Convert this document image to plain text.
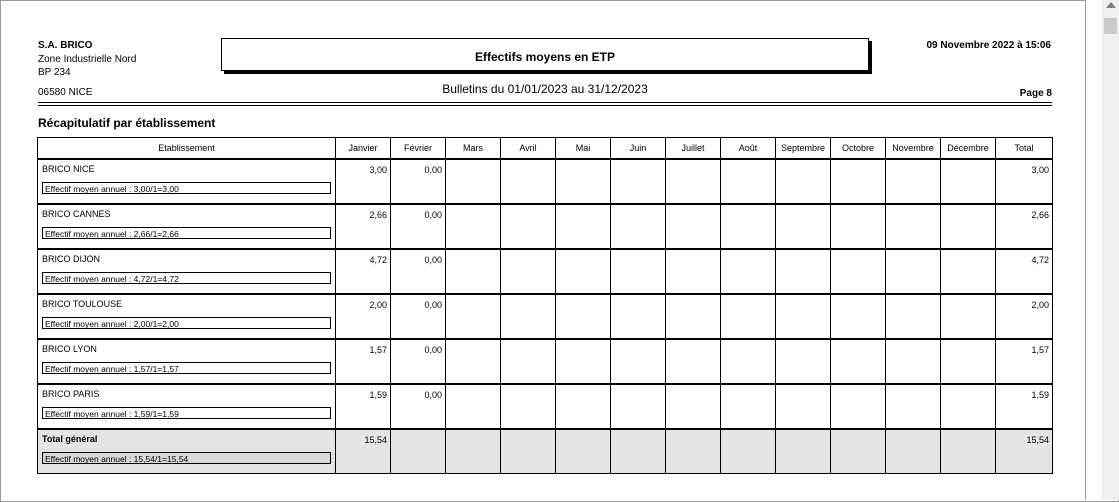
S.A. BRICO
Zone Industrielle Nord
BP 234
06580 NICE
Effectifs moyens en ETP
Bulletins du 01/01/2023 au 31/12/2023
09 Novembre 2022 à 15:06
Page 8
Récapitulatif par établissement
Etablissement	Janvier	Février	Mars	Avril	Mai	Juin	Juillet	Août	Septembre	Octobre	Novembre	Décembre	Total

BRICO NICE
Effectif moyen annuel : 3,00/1=3,00	3,00	0,00											3,00

BRICO CANNES
Effectif moyen annuel : 2,66/1=2,66	2,66	0,00											2,66

BRICO DIJON
Effectif moyen annuel : 4,72/1=4,72	4,72	0,00											4,72

BRICO TOULOUSE
Effectif moyen annuel : 2,00/1=2,00	2,00	0,00											2,00

BRICO LYON
Effectif moyen annuel : 1,57/1=1,57	1,57	0,00											1,57

BRICO PARIS
Effectif moyen annuel : 1,59/1=1,59	1,59	0,00											1,59

Total général
Effectif moyen annuel : 15,54/1=15,54	15,54												15,54
